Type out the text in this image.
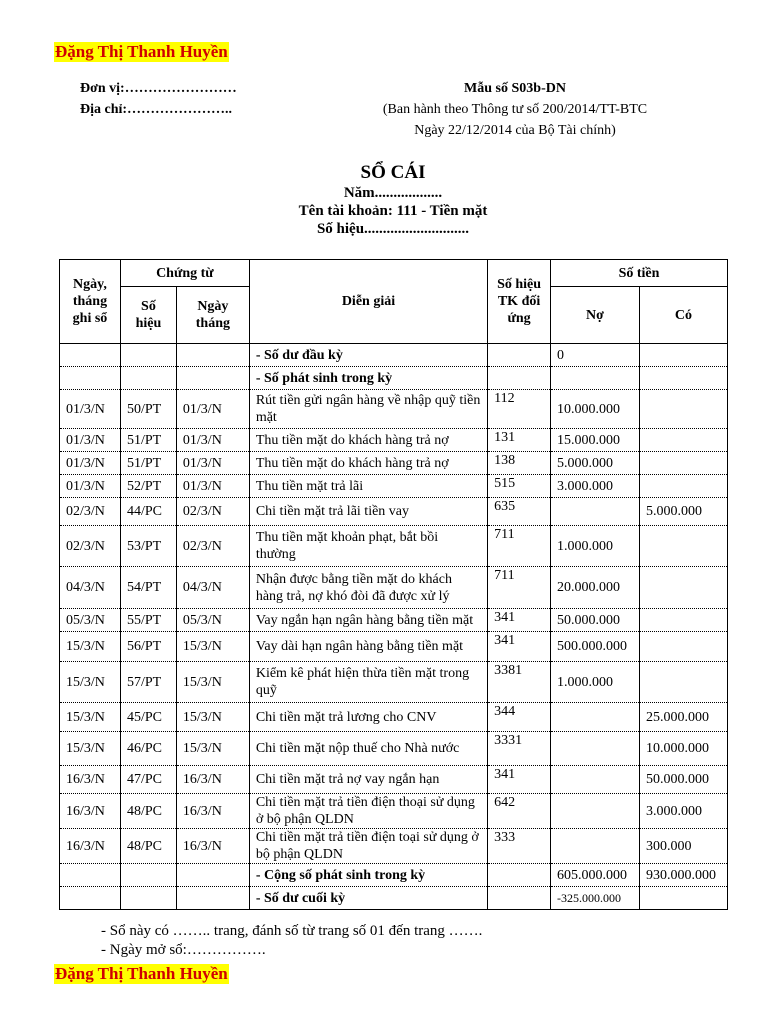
Đặng Thị Thanh Huyền
Đơn vị:……………………
Địa chỉ:…………………..
Mẫu số S03b-DN
(Ban hành theo Thông tư số 200/2014/TT-BTC
Ngày 22/12/2014 của Bộ Tài chính)
SỔ CÁI
Năm..................
Tên tài khoản: 111 - Tiền mặt
Số hiệu............................
Ngày, tháng ghi sổ	Chứng từ		Diễn giải	Số hiệu TK đối ứng	Số tiền	
	Số hiệu	Ngày tháng			Nợ	Có
			- Số dư đầu kỳ		0	
			- Số phát sinh trong kỳ			
01/3/N	50/PT	01/3/N	Rút tiền gửi ngân hàng về nhập quỹ tiền mặt	112	10.000.000	
01/3/N	51/PT	01/3/N	Thu tiền mặt do khách hàng trả nợ	131	15.000.000	
01/3/N	51/PT	01/3/N	Thu tiền mặt do khách hàng trả nợ	138	5.000.000	
01/3/N	52/PT	01/3/N	Thu tiền mặt trả lãi	515	3.000.000	
02/3/N	44/PC	02/3/N	Chi tiền mặt trả lãi tiền vay	635		5.000.000
02/3/N	53/PT	02/3/N	Thu tiền mặt khoản phạt, bắt bồi thường	711	1.000.000	
04/3/N	54/PT	04/3/N	Nhận được bằng tiền mặt do khách hàng trả, nợ khó đòi đã được xử lý	711	20.000.000	
05/3/N	55/PT	05/3/N	Vay ngắn hạn ngân hàng bằng tiền mặt	341	50.000.000	
15/3/N	56/PT	15/3/N	Vay dài hạn ngân hàng bằng tiền mặt	341	500.000.000	
15/3/N	57/PT	15/3/N	Kiểm kê phát hiện thừa tiền mặt trong quỹ	3381	1.000.000	
15/3/N	45/PC	15/3/N	Chi tiền mặt trả lương cho CNV	344		25.000.000
15/3/N	46/PC	15/3/N	Chi tiền mặt nộp thuế cho Nhà nước	3331		10.000.000
16/3/N	47/PC	16/3/N	Chi tiền mặt trả nợ vay ngắn hạn	341		50.000.000
16/3/N	48/PC	16/3/N	Chi tiền mặt trả tiền điện thoại sử dụng ở bộ phận QLDN	642		3.000.000
16/3/N	48/PC	16/3/N	Chi tiền mặt trả tiền điện toại sử dụng ở bộ phận QLDN	333		300.000
			- Cộng số phát sinh trong kỳ		605.000.000	930.000.000
			- Số dư cuối kỳ		-325.000.000	
- Sổ này có …….. trang, đánh số từ trang số 01 đến trang …….
- Ngày mở sổ:…………….
Đặng Thị Thanh Huyền
